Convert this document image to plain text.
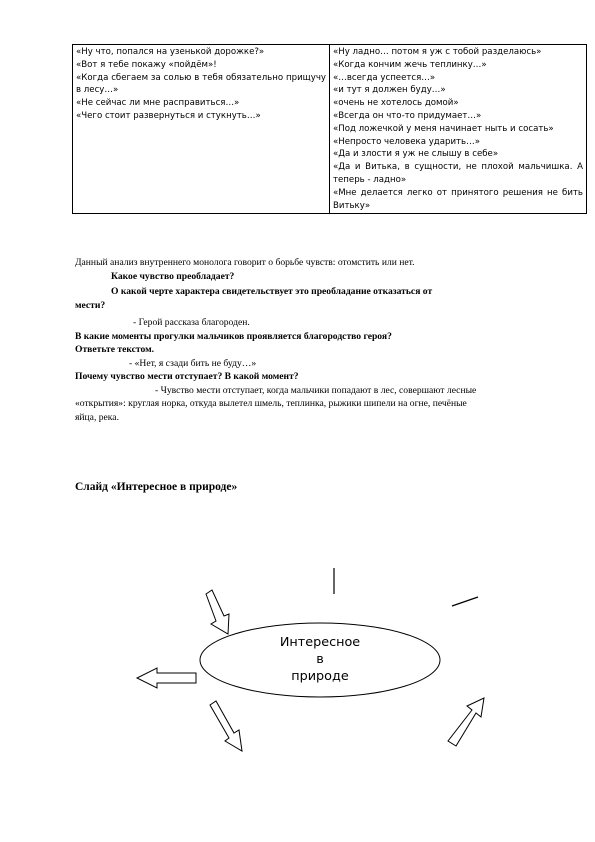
«Ну что, попался на узенькой дорожке?»
«Вот я тебе покажу «пойдём»!
«Когда сбегаем за солью в тебя обязательно прищучу в лесу…»
«Не сейчас ли мне расправиться…»
«Чего стоит развернуться и стукнуть…»

«Ну ладно… потом я уж с тобой разделаюсь»
«Когда кончим жечь теплинку…»
«…всегда успеется…»
«и тут я должен буду…»
«очень не хотелось домой»
«Всегда он что-то придумает…»
«Под ложечкой у меня начинает ныть и сосать»
«Непросто человека ударить…»
«Да и злости я уж не слышу в себе»
«Да и Витька, в сущности, не плохой мальчишка. А теперь - ладно»
«Мне делается легко от принятого решения не бить Витьку»
Данный анализ внутреннего монолога говорит о борьбе чувств: отомстить или нет.
Какое чувство преобладает?
О какой черте характера свидетельствует это преобладание отказаться от
мести?
- Герой рассказа благороден.
В какие моменты прогулки мальчиков проявляется благородство героя?
Ответьте текстом.
- «Нет, я сзади бить не буду…»
Почему чувство мести отступает? В какой момент?
- Чувство мести отступает, когда мальчики попадают в лес, совершают лесные
«открытия»: круглая норка, откуда вылетел шмель, теплинка, рыжики шипели на огне, печёные
яйца, река.
Слайд «Интересное в природе»
Интересное
в
природе
